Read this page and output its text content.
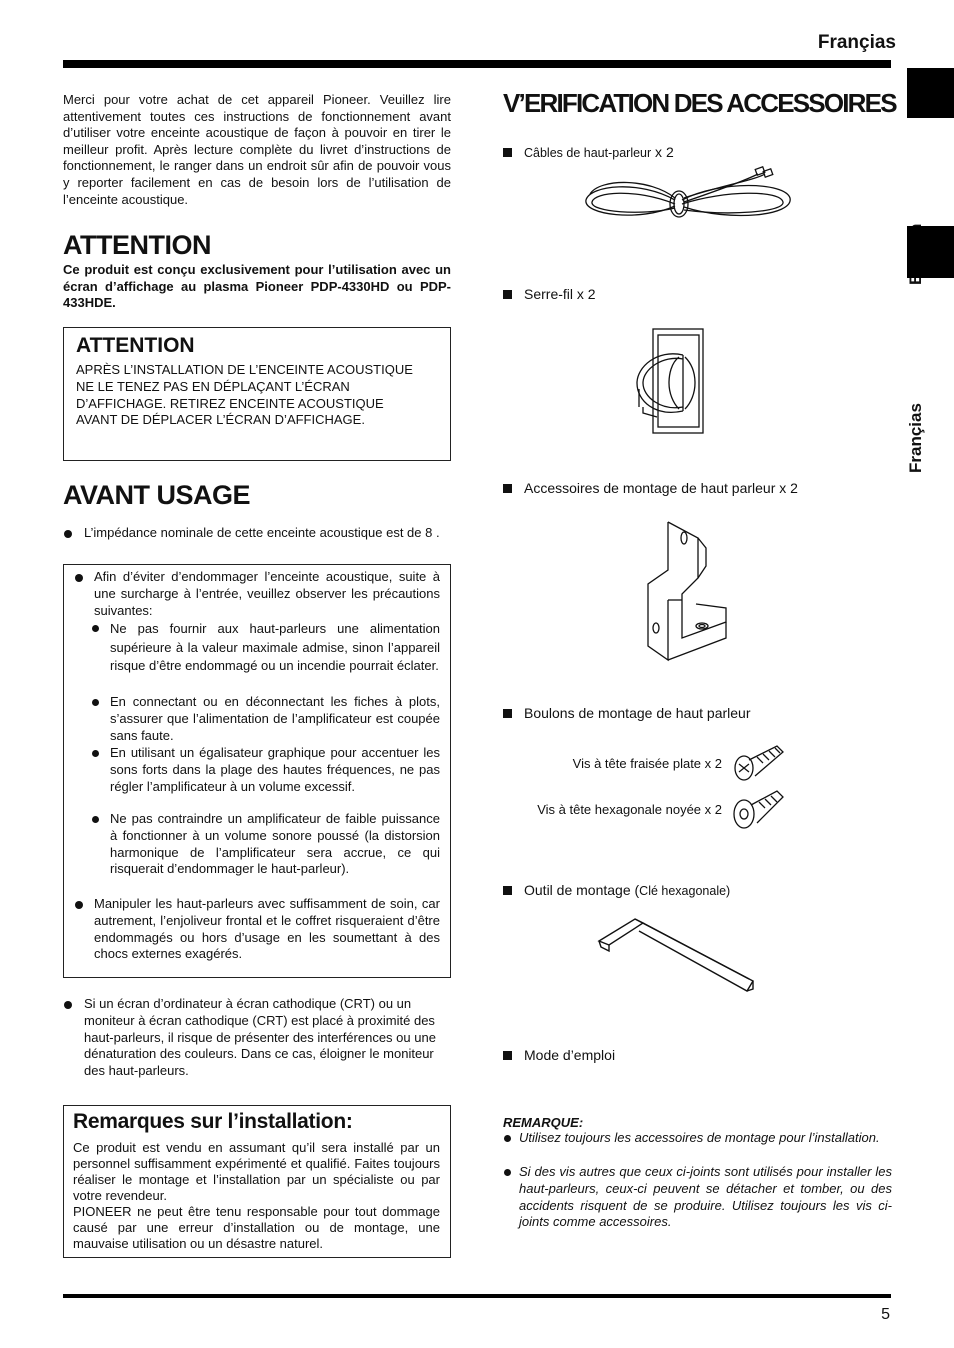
Françias
Françias

Merci pour votre achat de cet appareil Pioneer. Veuillez lire attentivement toutes ces instructions de fonctionnement avant d’utiliser votre enceinte acoustique de façon à pouvoir en tirer le meilleur profit. Après lecture complète du livret d’instructions de fonctionnement, le ranger dans un endroit sûr afin de pouvoir vous y reporter facilement en cas de besoin lors de l’utilisation de l’enceinte acoustique.

ATTENTION

Ce produit est conçu exclusivement pour l’utilisation avec un écran d’affichage au plasma Pioneer PDP-4330HD ou PDP-433HDE.

ATTENTION
APRÈS L’INSTALLATION DE L’ENCEINTE ACOUSTIQUE NE LE TENEZ PAS EN DÉPLAÇANT L’ÉCRAN D’AFFICHAGE. RETIREZ ENCEINTE ACOUSTIQUE AVANT DE DÉPLACER L’ÉCRAN D’AFFICHAGE.
AVANT USAGE
L’impédance nominale de cette enceinte acoustique est de 8 .
Afin d’éviter d’endommager l’enceinte acoustique, suite à une surcharge à l’entrée, veuillez observer les précautions suivantes:
Ne pas fournir aux haut-parleurs une alimentation supérieure à la valeur maximale admise, sinon l’appareil risque d’être endommagé ou un incendie pourrait éclater.
En connectant ou en déconnectant les fiches à plots, s’assurer que l’alimentation de l’amplificateur est coupée sans faute.
En utilisant un égalisateur graphique pour accentuer les sons forts dans la plage des hautes fréquences, ne pas régler l’amplificateur à un volume excessif.
Ne pas contraindre un amplificateur de faible puissance à fonctionner à un volume sonore poussé (la distorsion harmonique de l’amplificateur sera accrue, ce qui risquerait d’endommager le haut-parleur).
Manipuler les haut-parleurs avec suffisamment de soin, car autrement, l’enjoliveur frontal et le coffret risqueraient d’être endommagés ou hors d’usage en les soumettant à des chocs externes exagérés.
Si un écran d’ordinateur à écran cathodique (CRT) ou un moniteur à écran cathodique (CRT) est placé à proximité des haut-parleurs, il risque de présenter des interférences ou une dénaturation des couleurs. Dans ce cas, éloigner le moniteur des haut-parleurs.
Remarques sur l’installation:
Ce produit est vendu en assumant qu’il sera installé par un personnel suffisamment expérimenté et qualifié. Faites toujours réaliser le montage et l’installation par un spécialiste ou par votre revendeur.
PIONEER ne peut être tenu responsable pour tout dommage causé par une erreur d’installation ou de montage, une mauvaise utilisation ou un désastre naturel.
V’ERIFICATION DES ACCESSOIRES
Câbles de haut-parleur x 2
Serre-fil x 2
Accessoires de montage de haut parleur x 2
Boulons de montage de haut parleur
Vis à tête fraisée plate x 2
Vis à tête hexagonale noyée x 2
Outil de montage (Clé hexagonale)
Mode d’emploi
REMARQUE:
Utilisez toujours les accessoires de montage pour l’installation.
Si des vis autres que ceux ci-joints sont utilisés pour installer les haut-parleurs, ceux-ci peuvent se détacher et tomber, ou des accidents risquent de se produire. Utilisez toujours les vis ci-joints comme accessoires.
5
